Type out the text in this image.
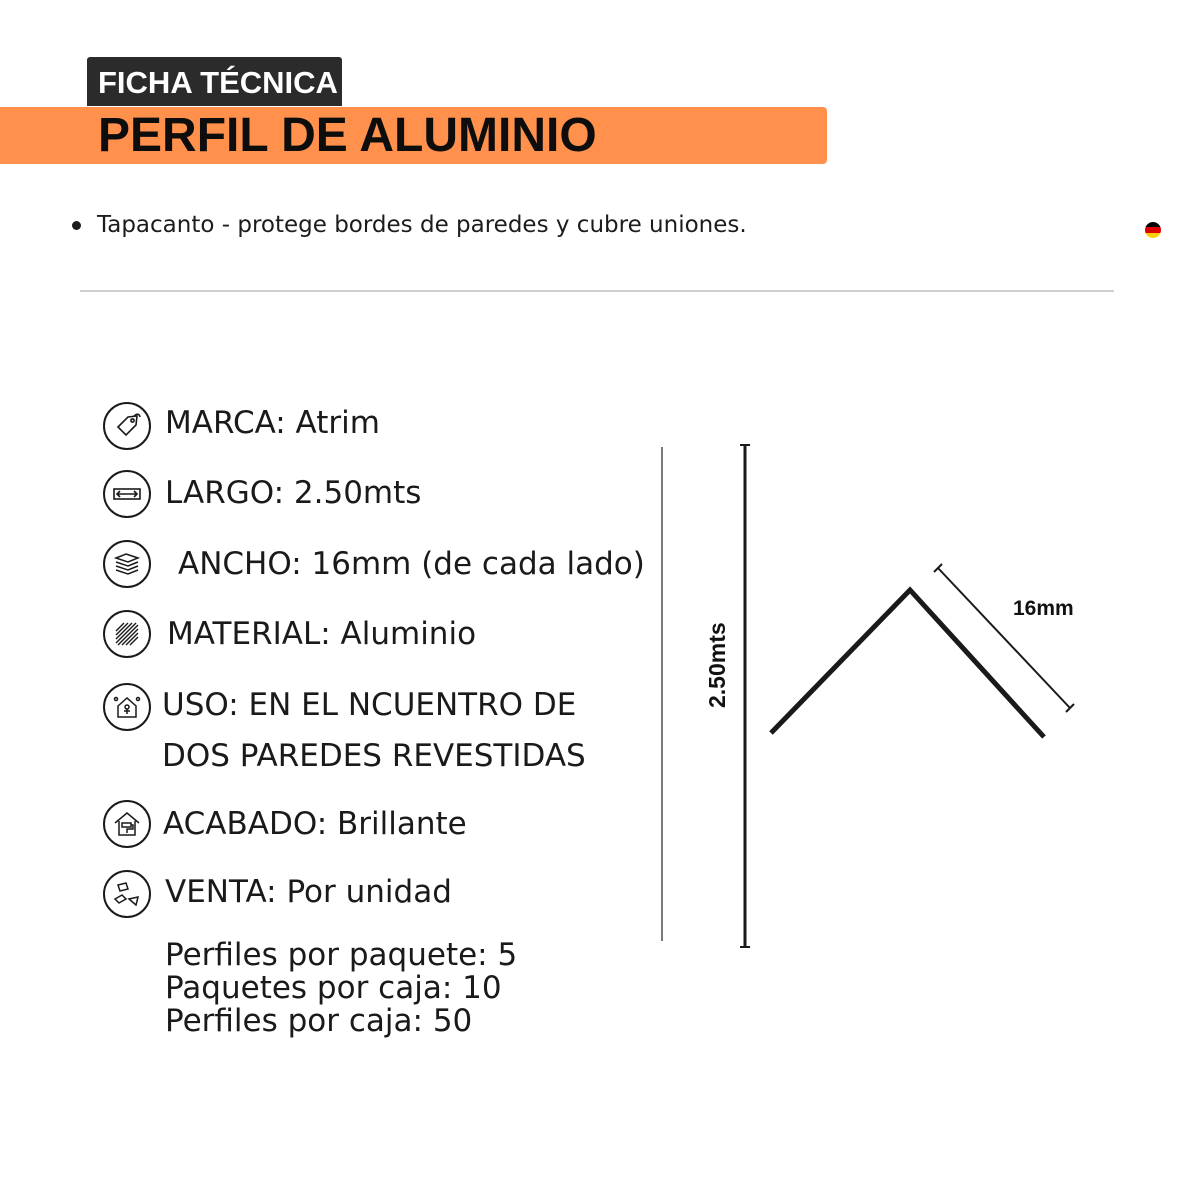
FICHA TÉCNICA
PERFIL DE ALUMINIO
Tapacanto - protege bordes de paredes y cubre uniones.
MARCA: Atrim
LARGO: 2.50mts
ANCHO: 16mm (de cada lado)
MATERIAL: Aluminio
USO: EN EL NCUENTRO DE
DOS PAREDES REVESTIDAS
ACABADO: Brillante
VENTA: Por unidad
Perfiles por paquete: 5
Paquetes por caja: 10
Perfiles por caja: 50
2.50mts
16mm
